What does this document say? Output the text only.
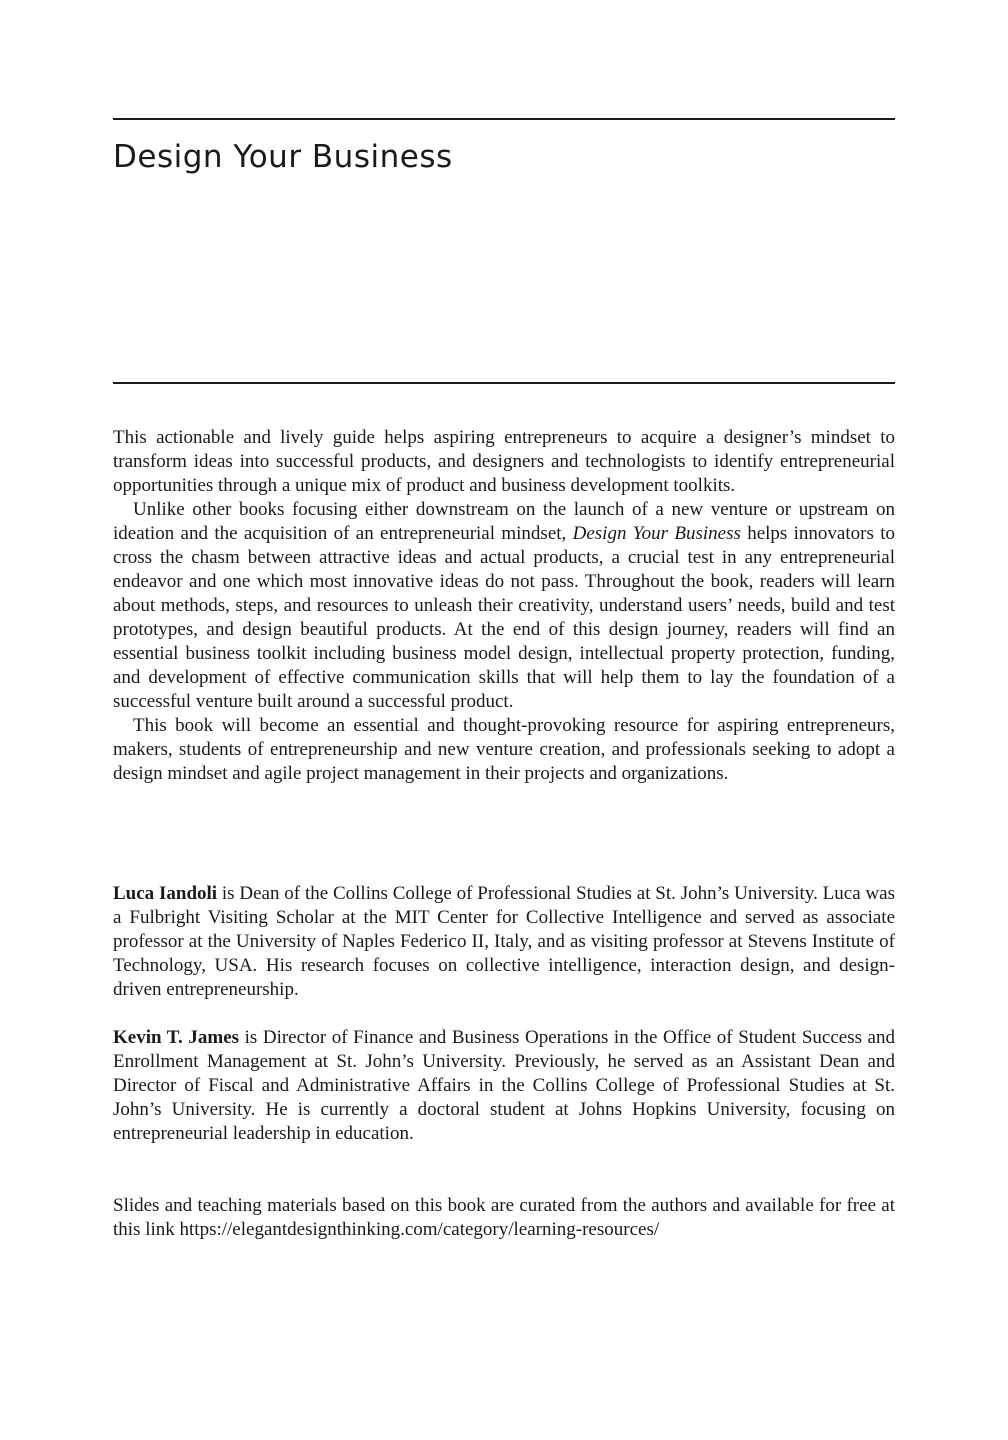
Design Your Business

This actionable and lively guide helps aspiring entrepreneurs to acquire a designer’s mindset to transform ideas into successful products, and designers and technologists to identify entrepreneurial opportunities through a unique mix of product and business development toolkits.

Unlike other books focusing either downstream on the launch of a new venture or upstream on ideation and the acquisition of an entrepreneurial mindset, Design Your Business helps innovators to cross the chasm between attractive ideas and actual products, a crucial test in any entrepreneurial endeavor and one which most innovative ideas do not pass. Throughout the book, readers will learn about methods, steps, and resources to unleash their creativity, understand users’ needs, build and test prototypes, and design beautiful products. At the end of this design journey, readers will find an essential business toolkit including business model design, intellectual property protection, funding, and development of effective communication skills that will help them to lay the foundation of a successful venture built around a successful product.

This book will become an essential and thought-provoking resource for aspiring entrepreneurs, makers, students of entrepreneurship and new venture creation, and professionals seeking to adopt a design mindset and agile project management in their projects and organizations.

Luca Iandoli is Dean of the Collins College of Professional Studies at St. John’s University. Luca was a Fulbright Visiting Scholar at the MIT Center for Collective Intelligence and served as associate professor at the University of Naples Federico II, Italy, and as visiting professor at Stevens Institute of Technology, USA. His research focuses on collective intelligence, interaction design, and design-driven entrepreneurship.

Kevin T. James is Director of Finance and Business Operations in the Office of Student Success and Enrollment Management at St. John’s University. Previously, he served as an Assistant Dean and Director of Fiscal and Administrative Affairs in the Collins College of Professional Studies at St. John’s University. He is currently a doctoral student at Johns Hopkins University, focusing on entrepreneurial leadership in education.

Slides and teaching materials based on this book are curated from the authors and available for free at this link https://elegantdesignthinking.com/category/learning-resources/
